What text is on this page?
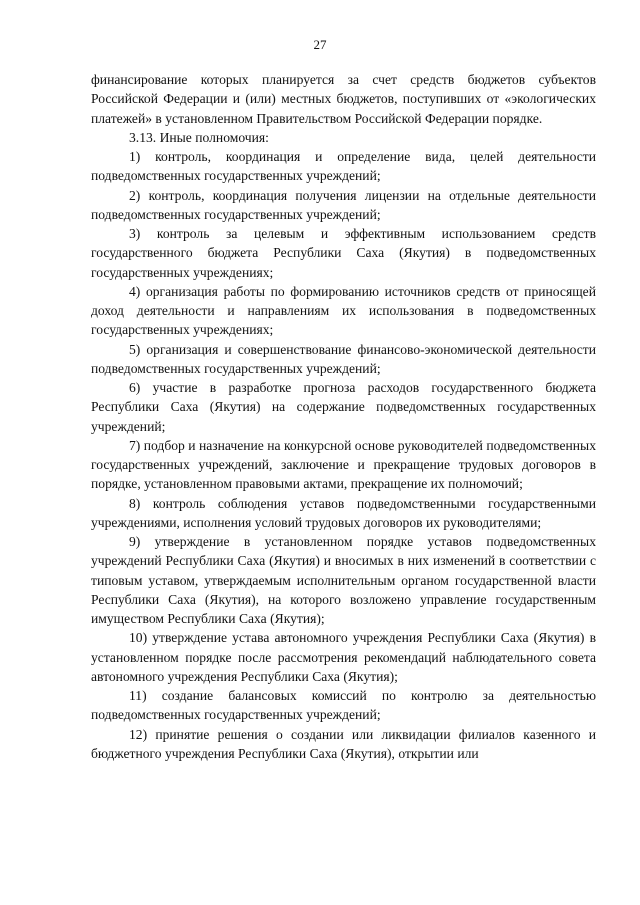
27

финансирование которых планируется за счет средств бюджетов субъектов Российской Федерации и (или) местных бюджетов, поступивших от «экологических платежей» в установленном Правительством Российской Федерации порядке.

3.13. Иные полномочия:

1) контроль, координация и определение вида, целей деятельности подведомственных государственных учреждений;

2) контроль, координация получения лицензии на отдельные деятельности подведомственных государственных учреждений;

3) контроль за целевым и эффективным использованием средств государственного бюджета Республики Саха (Якутия) в подведомственных государственных учреждениях;

4) организация работы по формированию источников средств от приносящей доход деятельности и направлениям их использования в подведомственных государственных учреждениях;

5) организация и совершенствование финансово-экономической деятельности подведомственных государственных учреждений;

6) участие в разработке прогноза расходов государственного бюджета Республики Саха (Якутия) на содержание подведомственных государственных учреждений;

7) подбор и назначение на конкурсной основе руководителей подведомственных государственных учреждений, заключение и прекращение трудовых договоров в порядке, установленном правовыми актами, прекращение их полномочий;

8) контроль соблюдения уставов подведомственными государственными учреждениями, исполнения условий трудовых договоров их руководителями;

9) утверждение в установленном порядке уставов подведомственных учреждений Республики Саха (Якутия) и вносимых в них изменений в соответствии с типовым уставом, утверждаемым исполнительным органом государственной власти Республики Саха (Якутия), на которого возложено управление государственным имуществом Республики Саха (Якутия);

10) утверждение устава автономного учреждения Республики Саха (Якутия) в установленном порядке после рассмотрения рекомендаций наблюдательного совета автономного учреждения Республики Саха (Якутия);

11) создание балансовых комиссий по контролю за деятельностью подведомственных государственных учреждений;

12) принятие решения о создании или ликвидации филиалов казенного и бюджетного учреждения Республики Саха (Якутия), открытии или
